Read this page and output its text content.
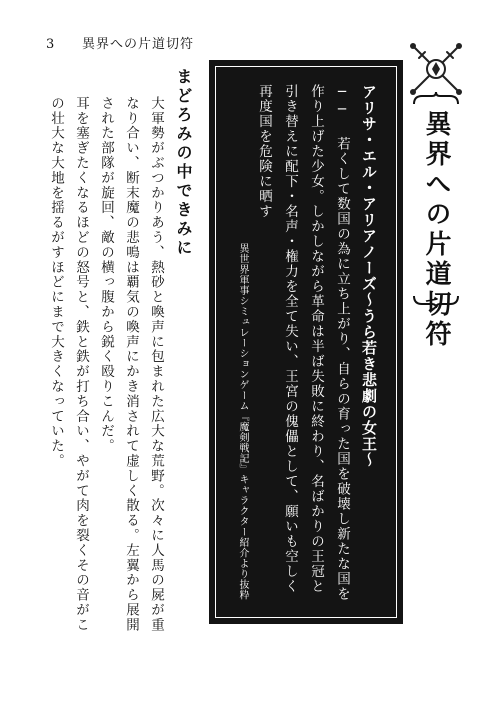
3 異界への片道切符
異界への片道切符
アリサ・エル・アリアノーズ〜うら若き悲劇の女王〜

── 若くして数国の為に立ち上がり、自らの育った国を破壊し新たな国を作り上げた少女。しかしながら革命は半ば失敗に終わり、名ばかりの王冠と引き替えに配下・名声・権力を全て失い、王宮の傀儡として、願いも空しく再度国を危険に晒す

異世界軍事シミュレーションゲーム『魔剣戦記』キャラクター紹介より抜粋

まどろみの中できみに
大軍勢がぶつかりあう、熱砂と喚声に包まれた広大な荒野。次々に人馬の屍が重なり合い、断末魔の悲鳴は覇気の喚声にかき消されて虚しく散る。左翼から展開された部隊が旋回、敵の横っ腹から鋭く殴りこんだ。
耳を塞ぎたくなるほどの怒号と、鉄と鉄が打ち合い、やがて肉を裂くその音がこの壮大な大地を揺るがすほどにまで大きくなっていた。
